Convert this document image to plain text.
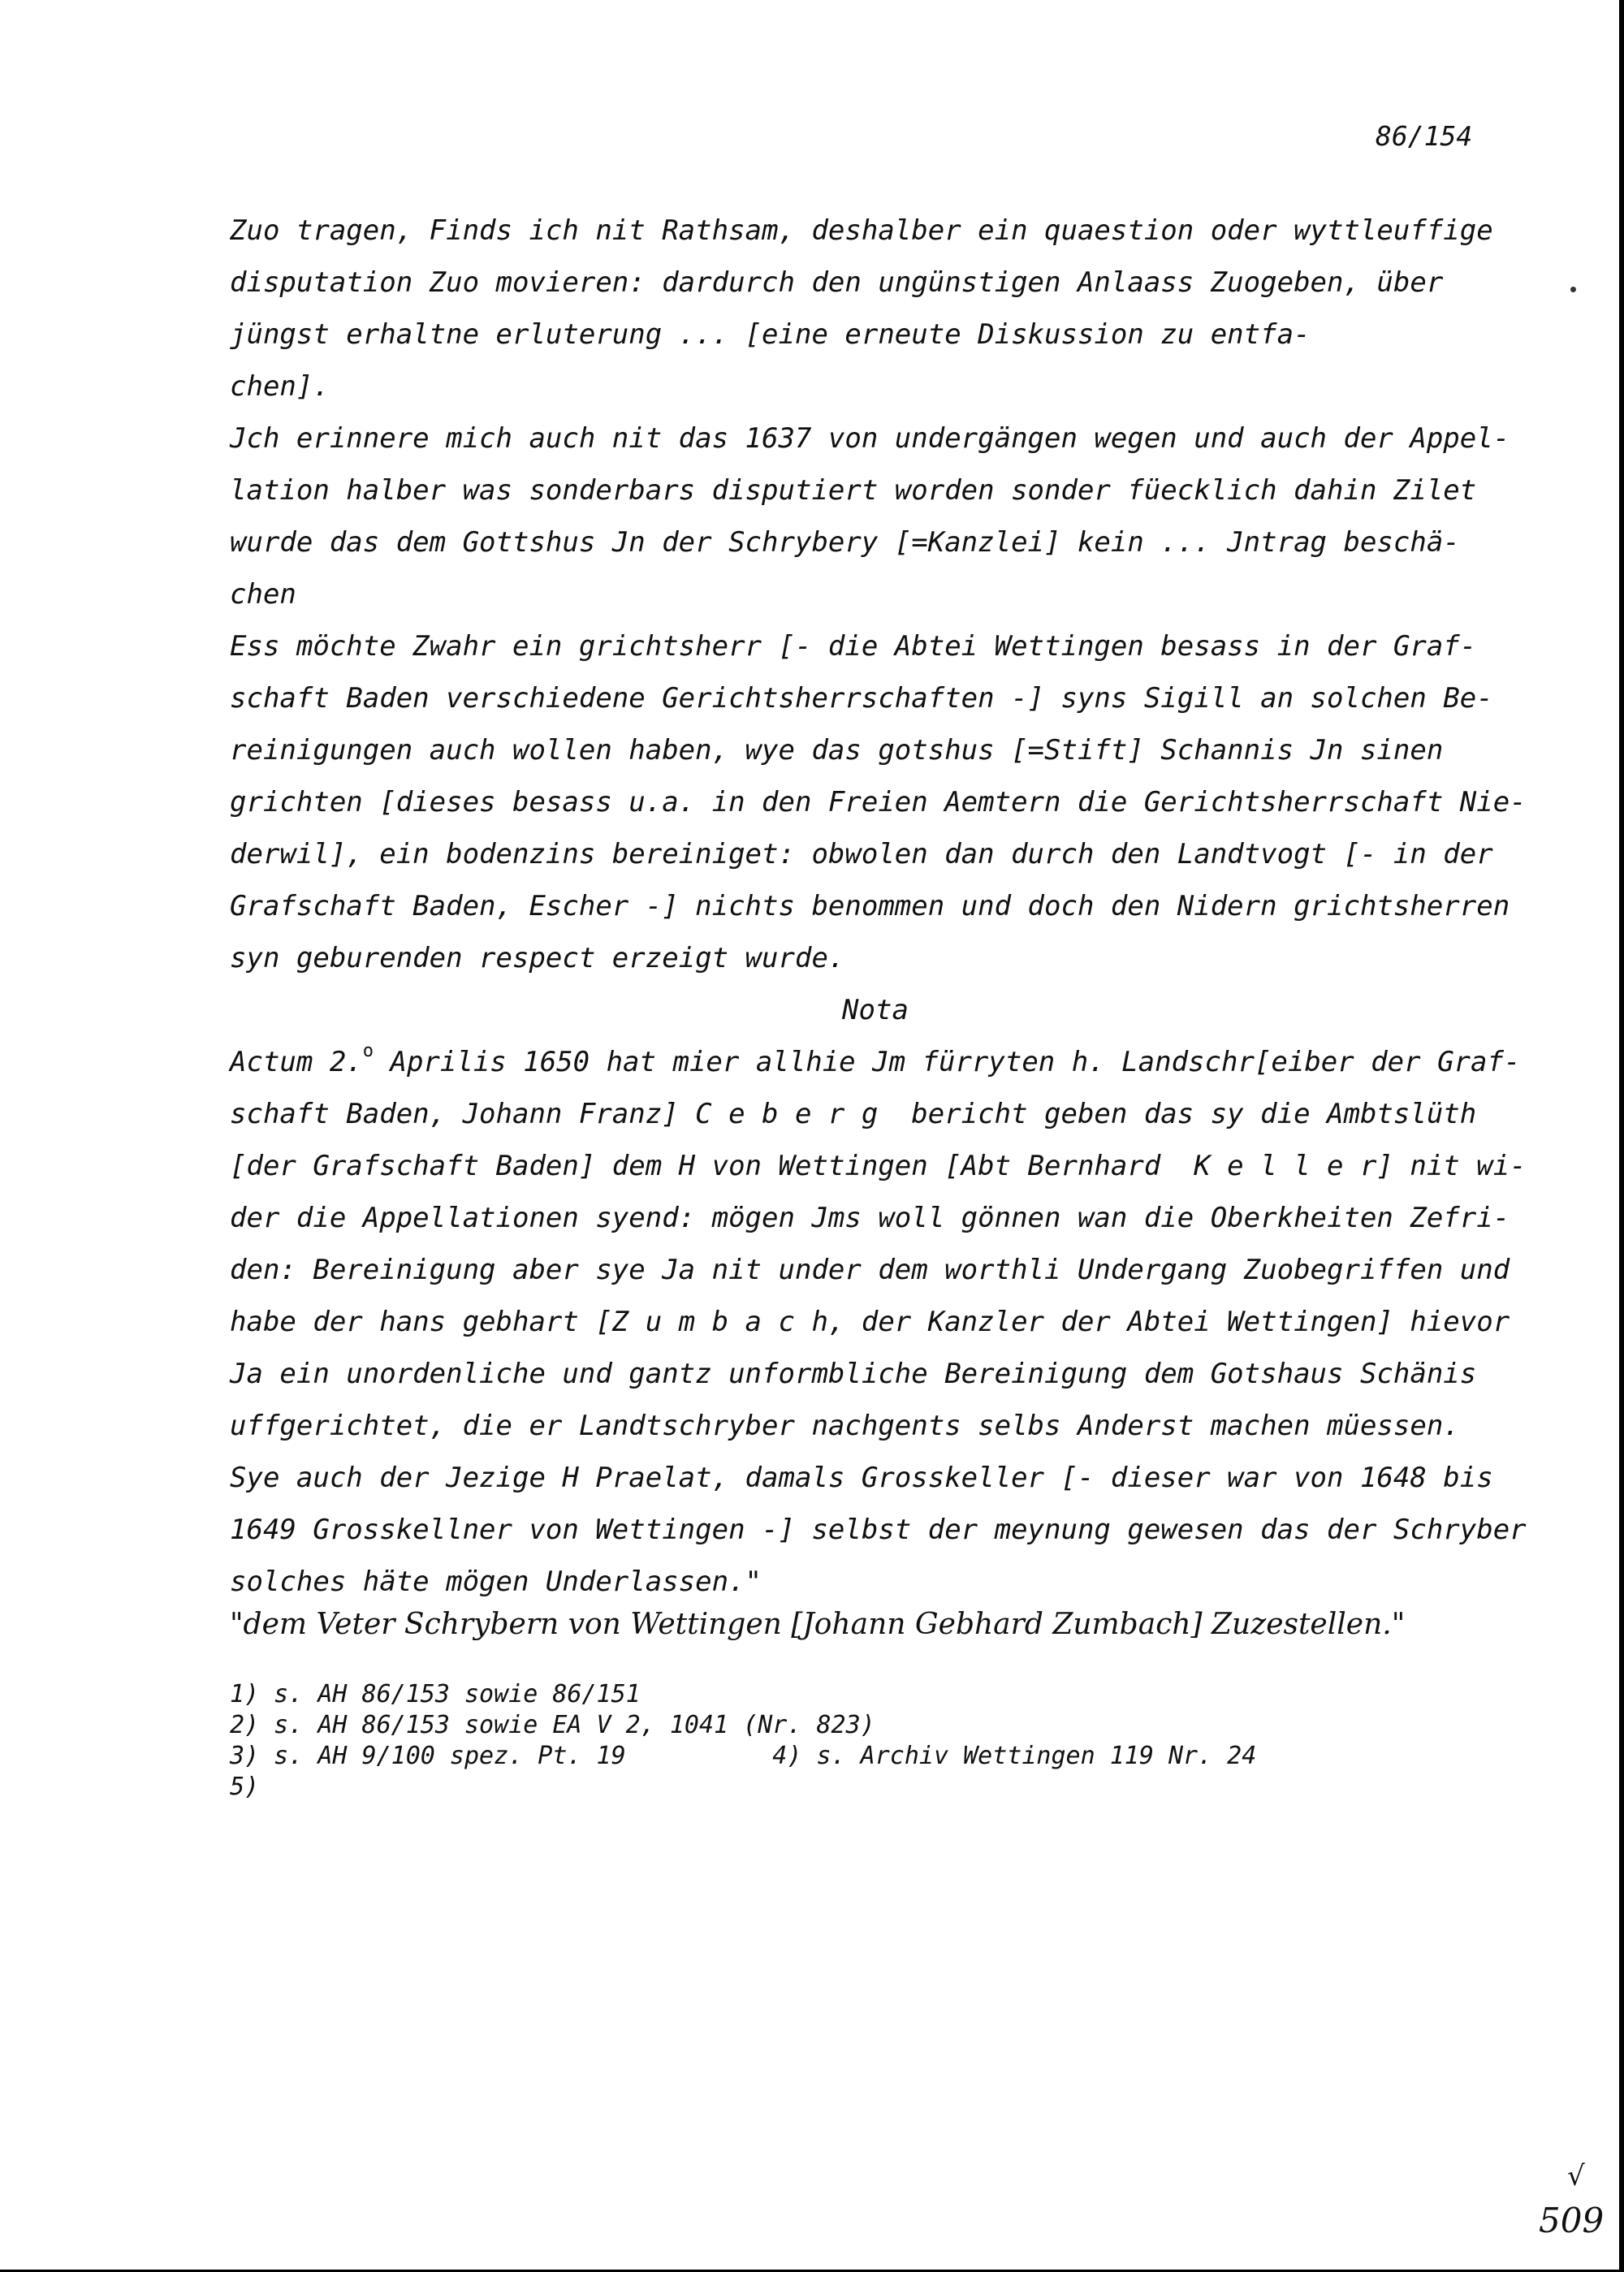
86/154
Zuo tragen, Finds ich nit Rathsam, deshalber ein quaestion oder wyttleuffige
disputation Zuo movieren: dardurch den ungünstigen Anlaass Zuogeben, über
jüngst erhaltne erluterung ... [eine erneute Diskussion zu entfa-
chen].
Jch erinnere mich auch nit das 1637 von undergängen wegen und auch der Appel-
lation halber was sonderbars disputiert worden sonder füecklich dahin Zilet
wurde das dem Gottshus Jn der Schrybery [=Kanzlei] kein ... Jntrag beschä-
chen
Ess möchte Zwahr ein grichtsherr [- die Abtei Wettingen besass in der Graf-
schaft Baden verschiedene Gerichtsherrschaften -] syns Sigill an solchen Be-
reinigungen auch wollen haben, wye das gotshus [=Stift] Schannis Jn sinen
grichten [dieses besass u.a. in den Freien Aemtern die Gerichtsherrschaft Nie-
derwil], ein bodenzins bereiniget: obwolen dan durch den Landtvogt [- in der
Grafschaft Baden, Escher -] nichts benommen und doch den Nidern grichtsherren
syn geburenden respect erzeigt wurde.
Nota
Actum 2.$^o$ Aprilis 1650 hat mier allhie Jm fürryten h. Landschr[eiber der Graf-
schaft Baden, Johann Franz] C e b e r g  bericht geben das sy die Ambtslüth
[der Grafschaft Baden] dem H von Wettingen [Abt Bernhard  K e l l e r] nit wi-
der die Appellationen syend: mögen Jms woll gönnen wan die Oberkheiten Zefri-
den: Bereinigung aber sye Ja nit under dem worthli Undergang Zuobegriffen und
habe der hans gebhart [Z u m b a c h, der Kanzler der Abtei Wettingen] hievor
Ja ein unordenliche und gantz unformbliche Bereinigung dem Gotshaus Schänis
uffgerichtet, die er Landtschryber nachgents selbs Anderst machen müessen.
Sye auch der Jezige H Praelat, damals Grosskeller [- dieser war von 1648 bis
1649 Grosskellner von Wettingen -] selbst der meynung gewesen das der Schryber
solches häte mögen Underlassen."
"dem Veter Schrybern von Wettingen [Johann Gebhard Zumbach] Zuzestellen."
1) s. AH 86/153 sowie 86/151
2) s. AH 86/153 sowie EA V 2, 1041 (Nr. 823)
3) s. AH 9/100 spez. Pt. 19          4) s. Archiv Wettingen 119 Nr. 24
5)
√
509
